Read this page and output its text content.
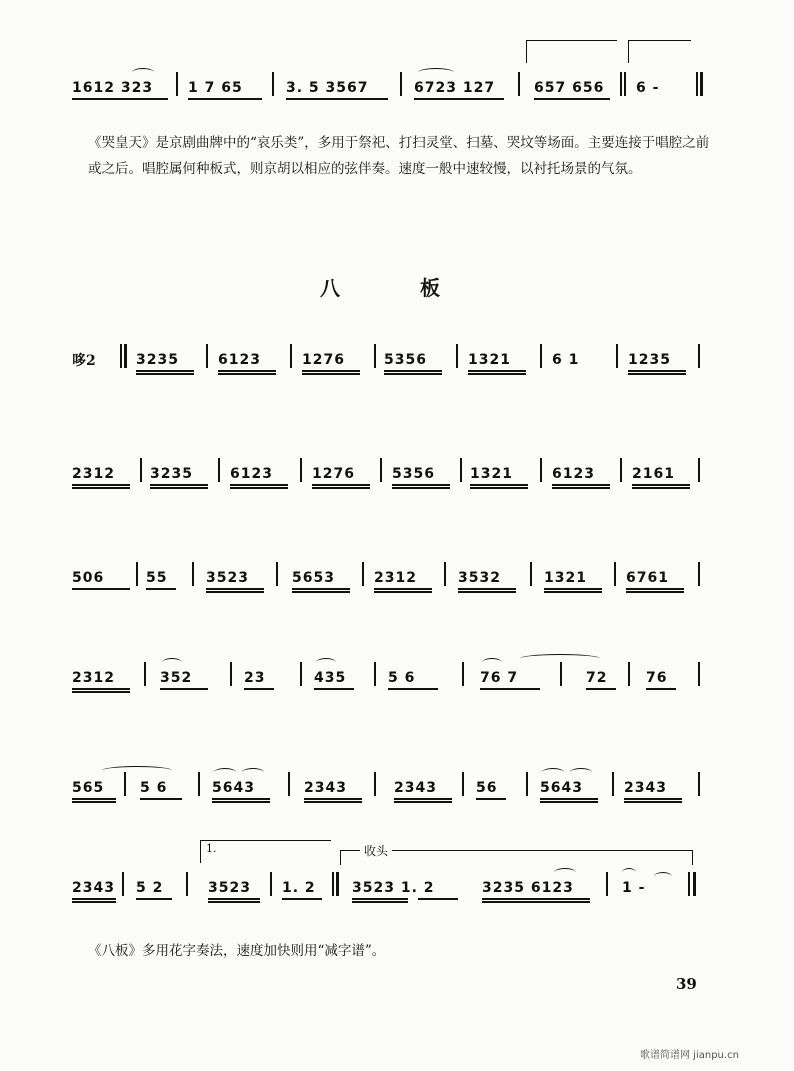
1612 323 1 7 65	3. 5 3567	6723 127	657 656 6 -
《哭皇天》是京剧曲牌中的“哀乐类”，多用于祭祀、打扫灵堂、扫墓、哭坟等场面。主要连接于唱腔之前或之后。唱腔属何种板式，则京胡以相应的弦伴奏。速度一般中速较慢，以衬托场景的气氛。
八	板
哆2	3235	6123	1276	5356	1321	6 1	1235
2312	3235	6123	1276	5356	1321	6123	2161
506	55	3523	5653	2312	3532	1321	6761
2312	352	23	435	5 6	76 7	72	76
565	5 6	5643	2343	2343	56	5643	2343
2343 5 2
1.
3523 1. 2
收头
3523 1. 2	3235 6123	1 -
《八板》多用花字奏法，速度加快则用“减字谱”。
39
歌谱简谱网 jianpu.cn
